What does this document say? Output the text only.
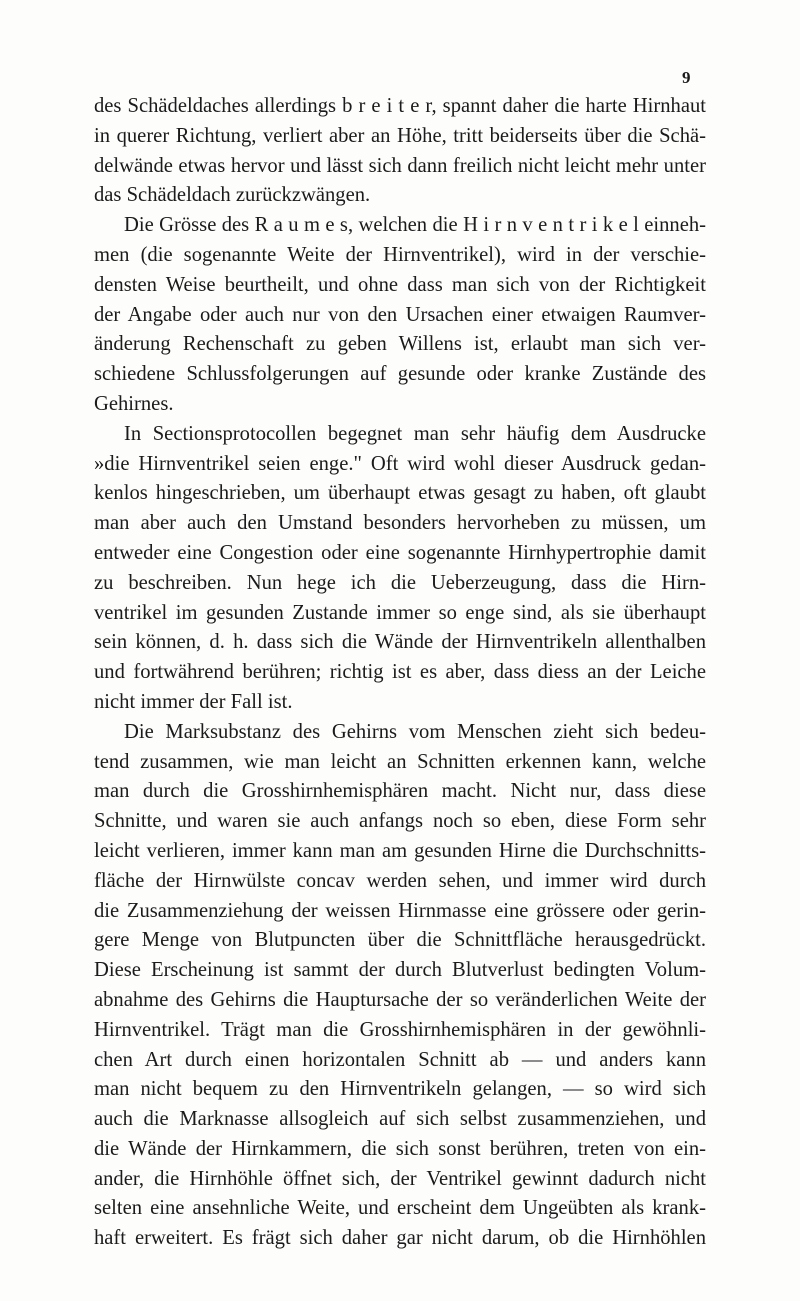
9
des Schädeldaches allerdings b r e i t e r, spannt daher die harte Hirnhaut
in querer Richtung, verliert aber an Höhe, tritt beiderseits über die Schä-
delwände etwas hervor und lässt sich dann freilich nicht leicht mehr unter
das Schädeldach zurückzwängen.
Die Grösse des R a u m e s, welchen die H i r n v e n t r i k e l einneh-
men (die sogenannte Weite der Hirnventrikel), wird in der verschie-
densten Weise beurtheilt, und ohne dass man sich von der Richtigkeit
der Angabe oder auch nur von den Ursachen einer etwaigen Raumver-
änderung Rechenschaft zu geben Willens ist, erlaubt man sich ver-
schiedene Schlussfolgerungen auf gesunde oder kranke Zustände des
Gehirnes.
In Sectionsprotocollen begegnet man sehr häufig dem Ausdrucke
»die Hirnventrikel seien enge." Oft wird wohl dieser Ausdruck gedan-
kenlos hingeschrieben, um überhaupt etwas gesagt zu haben, oft glaubt
man aber auch den Umstand besonders hervorheben zu müssen, um
entweder eine Congestion oder eine sogenannte Hirnhypertrophie damit
zu beschreiben. Nun hege ich die Ueberzeugung, dass die Hirn-
ventrikel im gesunden Zustande immer so enge sind, als sie überhaupt
sein können, d. h. dass sich die Wände der Hirnventrikeln allenthalben
und fortwährend berühren; richtig ist es aber, dass diess an der Leiche
nicht immer der Fall ist.
Die Marksubstanz des Gehirns vom Menschen zieht sich bedeu-
tend zusammen, wie man leicht an Schnitten erkennen kann, welche
man durch die Grosshirnhemisphären macht. Nicht nur, dass diese
Schnitte, und waren sie auch anfangs noch so eben, diese Form sehr
leicht verlieren, immer kann man am gesunden Hirne die Durchschnitts-
fläche der Hirnwülste concav werden sehen, und immer wird durch
die Zusammenziehung der weissen Hirnmasse eine grössere oder gerin-
gere Menge von Blutpuncten über die Schnittfläche herausgedrückt.
Diese Erscheinung ist sammt der durch Blutverlust bedingten Volum-
abnahme des Gehirns die Hauptursache der so veränderlichen Weite der
Hirnventrikel. Trägt man die Grosshirnhemisphären in der gewöhnli-
chen Art durch einen horizontalen Schnitt ab — und anders kann
man nicht bequem zu den Hirnventrikeln gelangen, — so wird sich
auch die Marknasse allsogleich auf sich selbst zusammenziehen, und
die Wände der Hirnkammern, die sich sonst berühren, treten von ein-
ander, die Hirnhöhle öffnet sich, der Ventrikel gewinnt dadurch nicht
selten eine ansehnliche Weite, und erscheint dem Ungeübten als krank-
haft erweitert. Es frägt sich daher gar nicht darum, ob die Hirnhöhlen
